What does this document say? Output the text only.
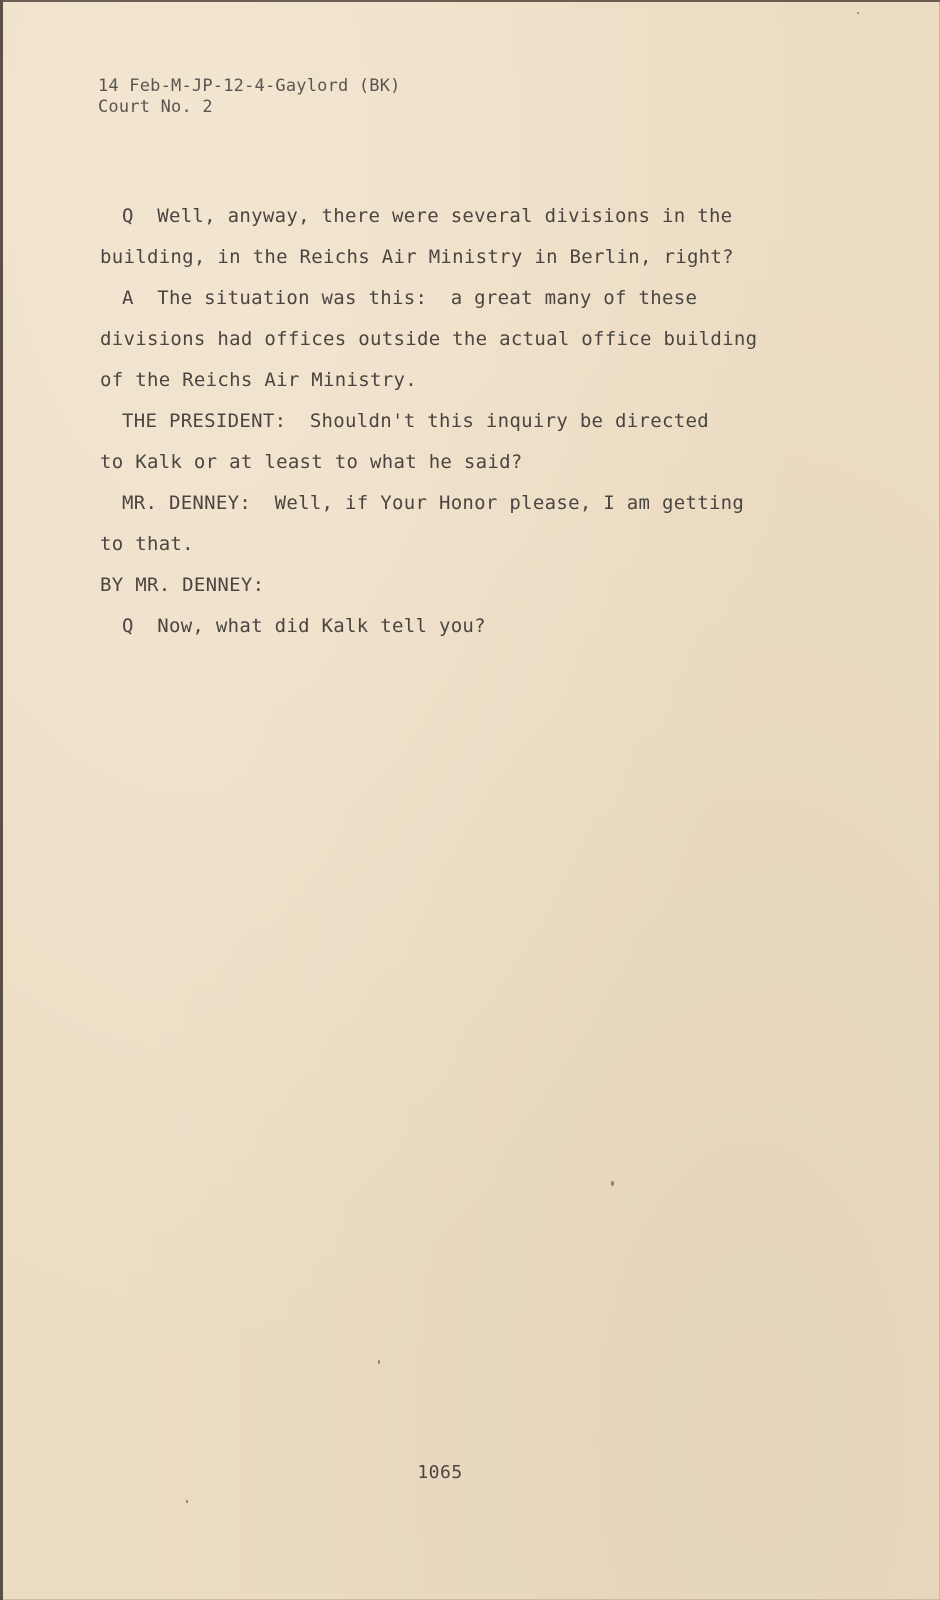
14 Feb-M-JP-12-4-Gaylord (BK)
Court No. 2
Q  Well, anyway, there were several divisions in the
building, in the Reichs Air Ministry in Berlin, right?
A  The situation was this:  a great many of these
divisions had offices outside the actual office building
of the Reichs Air Ministry.
THE PRESIDENT:  Shouldn't this inquiry be directed
to Kalk or at least to what he said?
MR. DENNEY:  Well, if Your Honor please, I am getting
to that.
BY MR. DENNEY:
Q  Now, what did Kalk tell you?
1065
